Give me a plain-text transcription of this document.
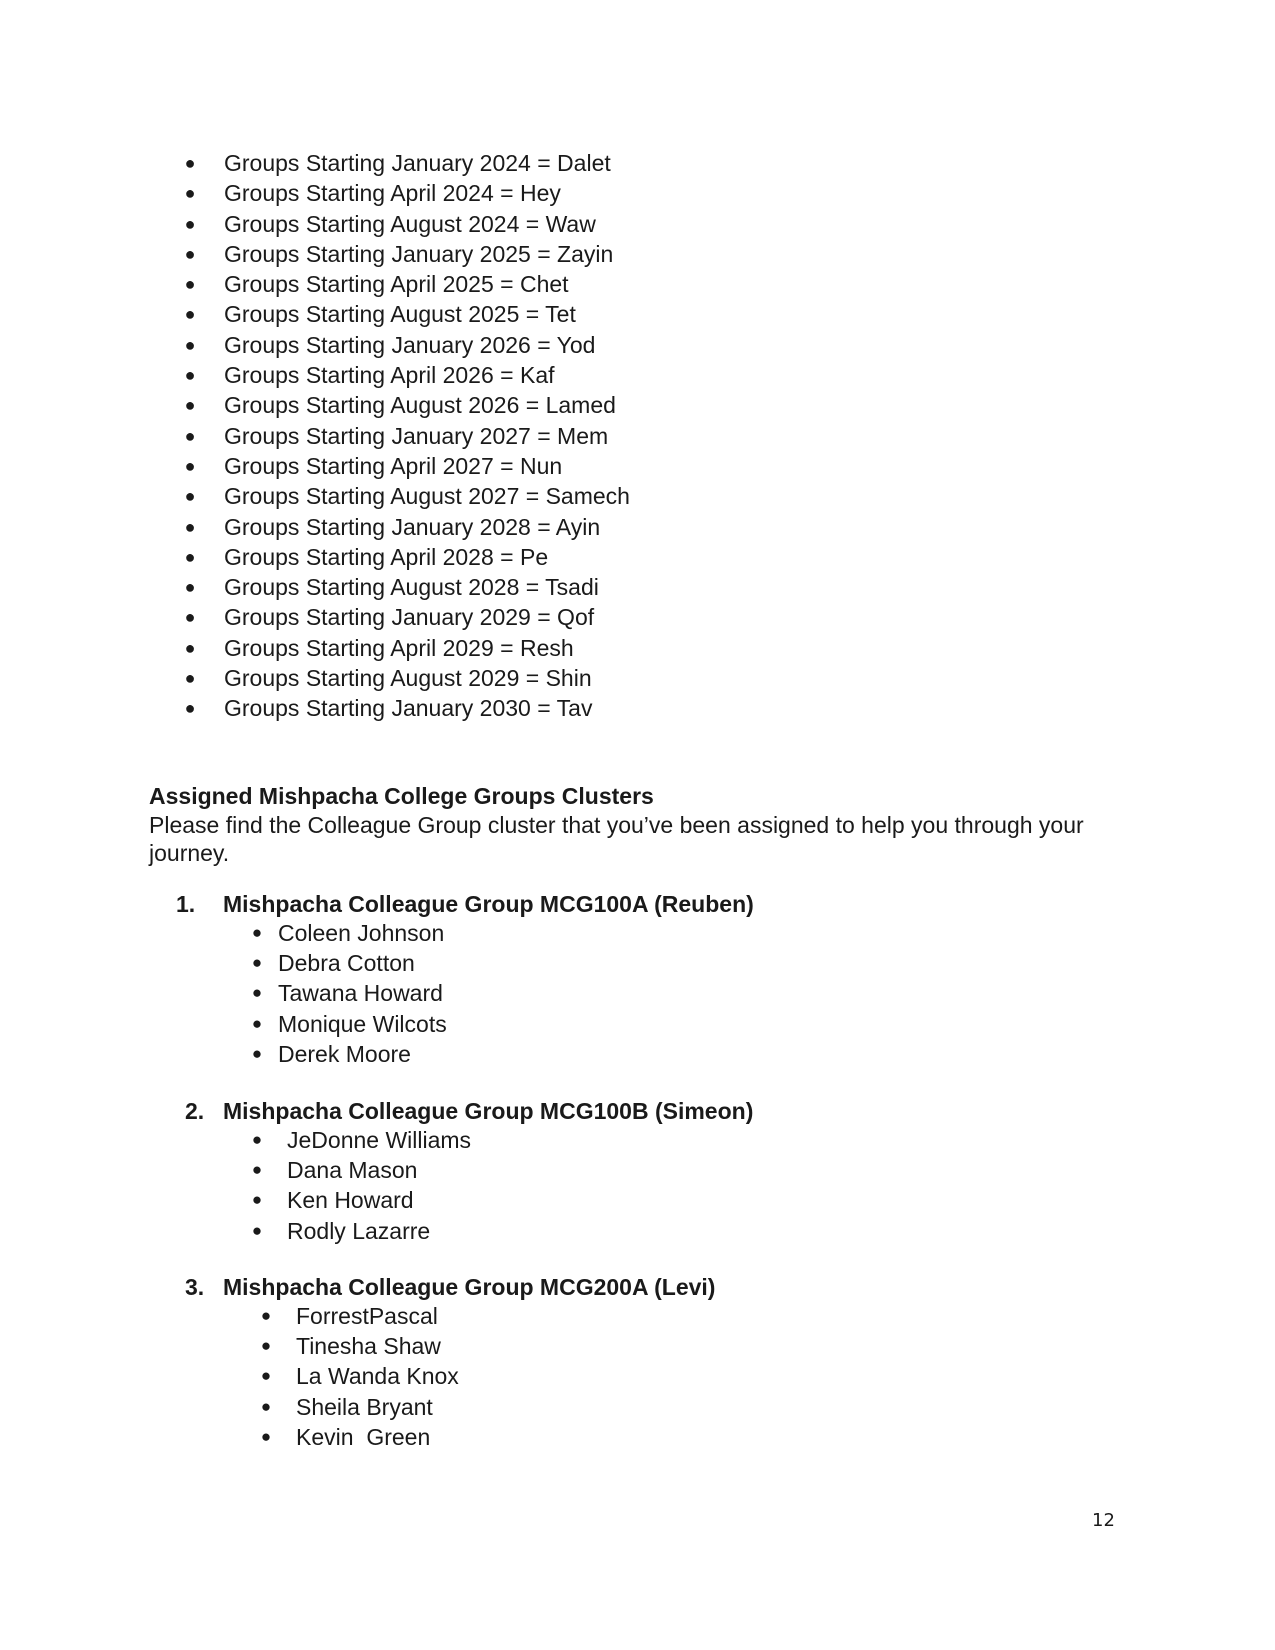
● Groups Starting January 2024 = Dalet
● Groups Starting April 2024 = Hey
● Groups Starting August 2024 = Waw
● Groups Starting January 2025 = Zayin
● Groups Starting April 2025 = Chet
● Groups Starting August 2025 = Tet
● Groups Starting January 2026 = Yod
● Groups Starting April 2026 = Kaf
● Groups Starting August 2026 = Lamed
● Groups Starting January 2027 = Mem
● Groups Starting April 2027 = Nun
● Groups Starting August 2027 = Samech
● Groups Starting January 2028 = Ayin
● Groups Starting April 2028 = Pe
● Groups Starting August 2028 = Tsadi
● Groups Starting January 2029 = Qof
● Groups Starting April 2029 = Resh
● Groups Starting August 2029 = Shin
● Groups Starting January 2030 = Tav
Assigned Mishpacha College Groups Clusters

Please find the Colleague Group cluster that you’ve been assigned to help you through your journey.

1. Mishpacha Colleague Group MCG100A (Reuben)
● Coleen Johnson
● Debra Cotton
● Tawana Howard
● Monique Wilcots
● Derek Moore
2. Mishpacha Colleague Group MCG100B (Simeon)
● JeDonne Williams
● Dana Mason
● Ken Howard
● Rodly Lazarre
3. Mishpacha Colleague Group MCG200A (Levi)
● ForrestPascal
● Tinesha Shaw
● La Wanda Knox
● Sheila Bryant
● Kevin  Green
12
